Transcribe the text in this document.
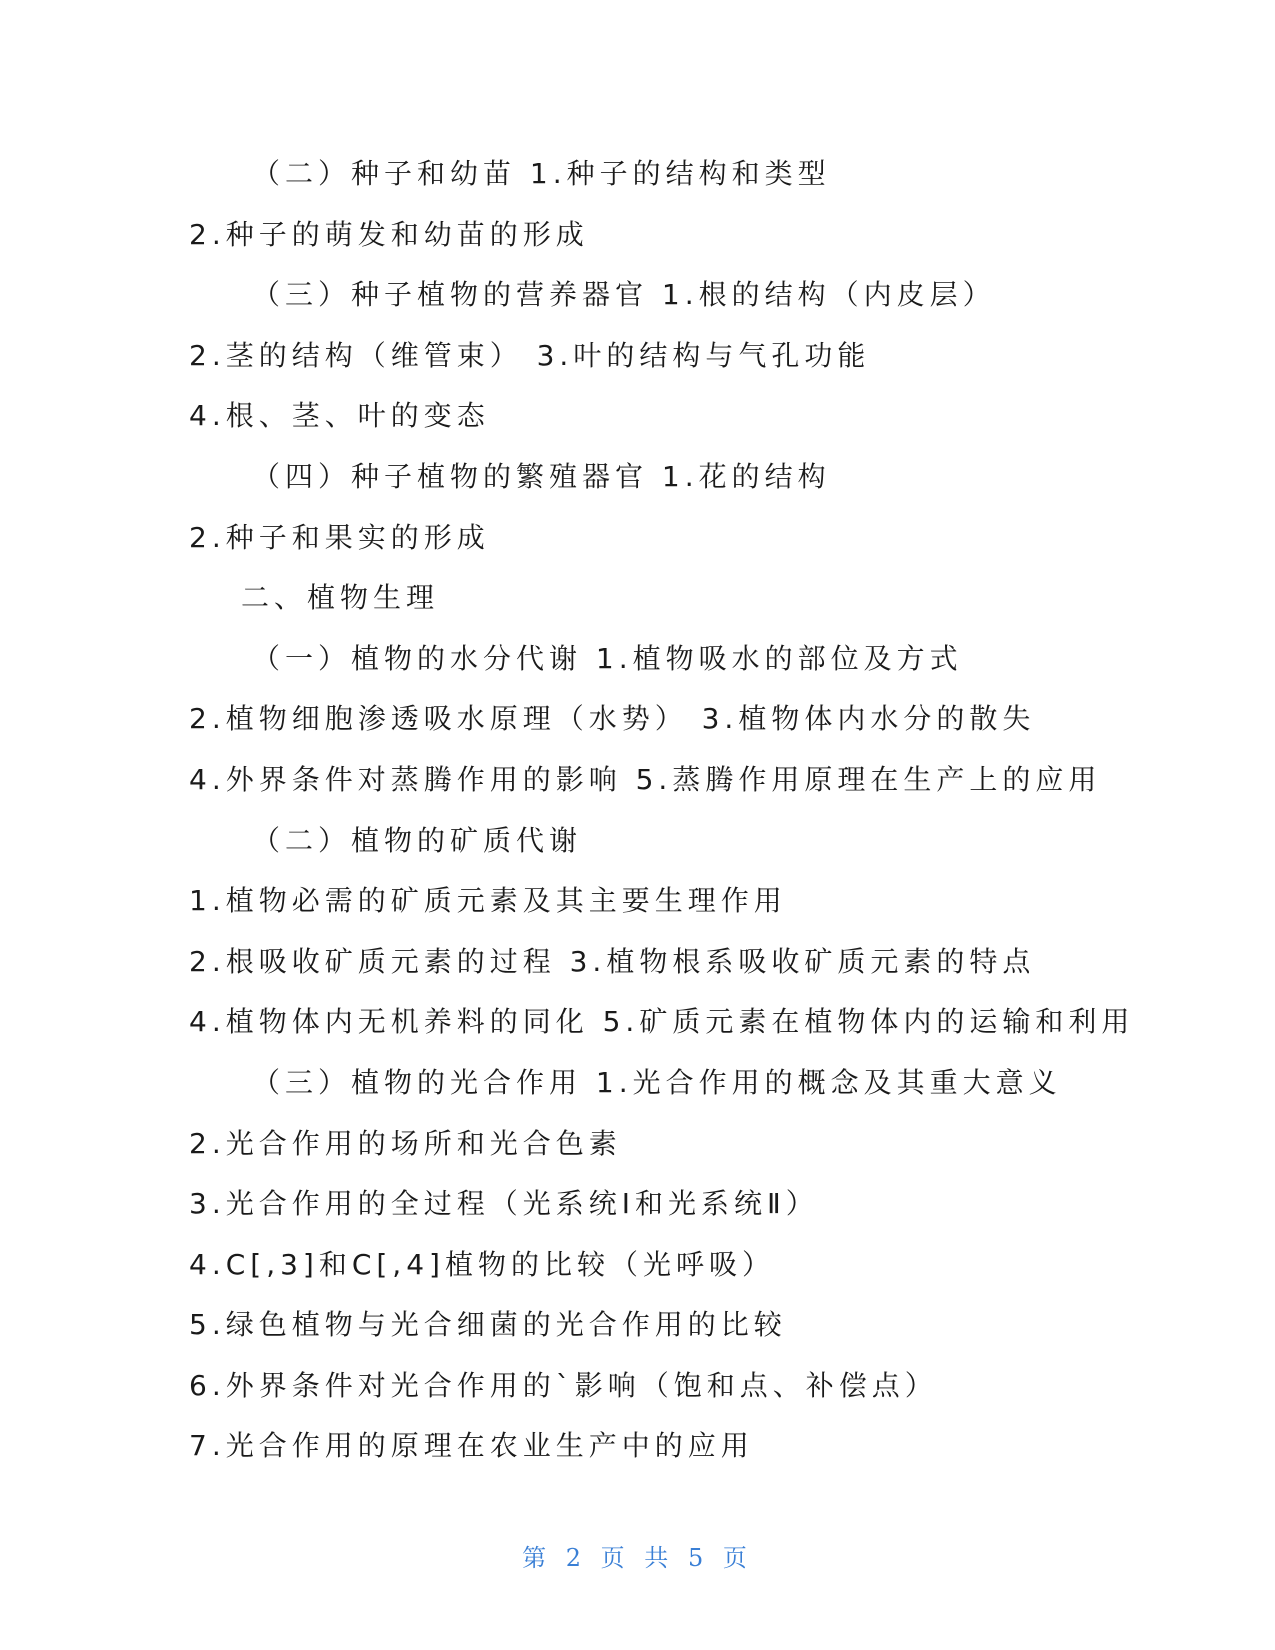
（二）种子和幼苗 1.种子的结构和类型
2.种子的萌发和幼苗的形成
（三）种子植物的营养器官 1.根的结构（内皮层）
2.茎的结构（维管束） 3.叶的结构与气孔功能
4.根、茎、叶的变态
（四）种子植物的繁殖器官 1.花的结构
2.种子和果实的形成
二、植物生理
（一）植物的水分代谢 1.植物吸水的部位及方式
2.植物细胞渗透吸水原理（水势） 3.植物体内水分的散失
4.外界条件对蒸腾作用的影响 5.蒸腾作用原理在生产上的应用
（二）植物的矿质代谢
1.植物必需的矿质元素及其主要生理作用
2.根吸收矿质元素的过程 3.植物根系吸收矿质元素的特点
4.植物体内无机养料的同化 5.矿质元素在植物体内的运输和利用
（三）植物的光合作用 1.光合作用的概念及其重大意义
2.光合作用的场所和光合色素
3.光合作用的全过程（光系统Ⅰ和光系统Ⅱ）
4.C[,3]和C[,4]植物的比较（光呼吸）
5.绿色植物与光合细菌的光合作用的比较
6.外界条件对光合作用的`影响（饱和点、补偿点）
7.光合作用的原理在农业生产中的应用
第 2 页 共 5 页
